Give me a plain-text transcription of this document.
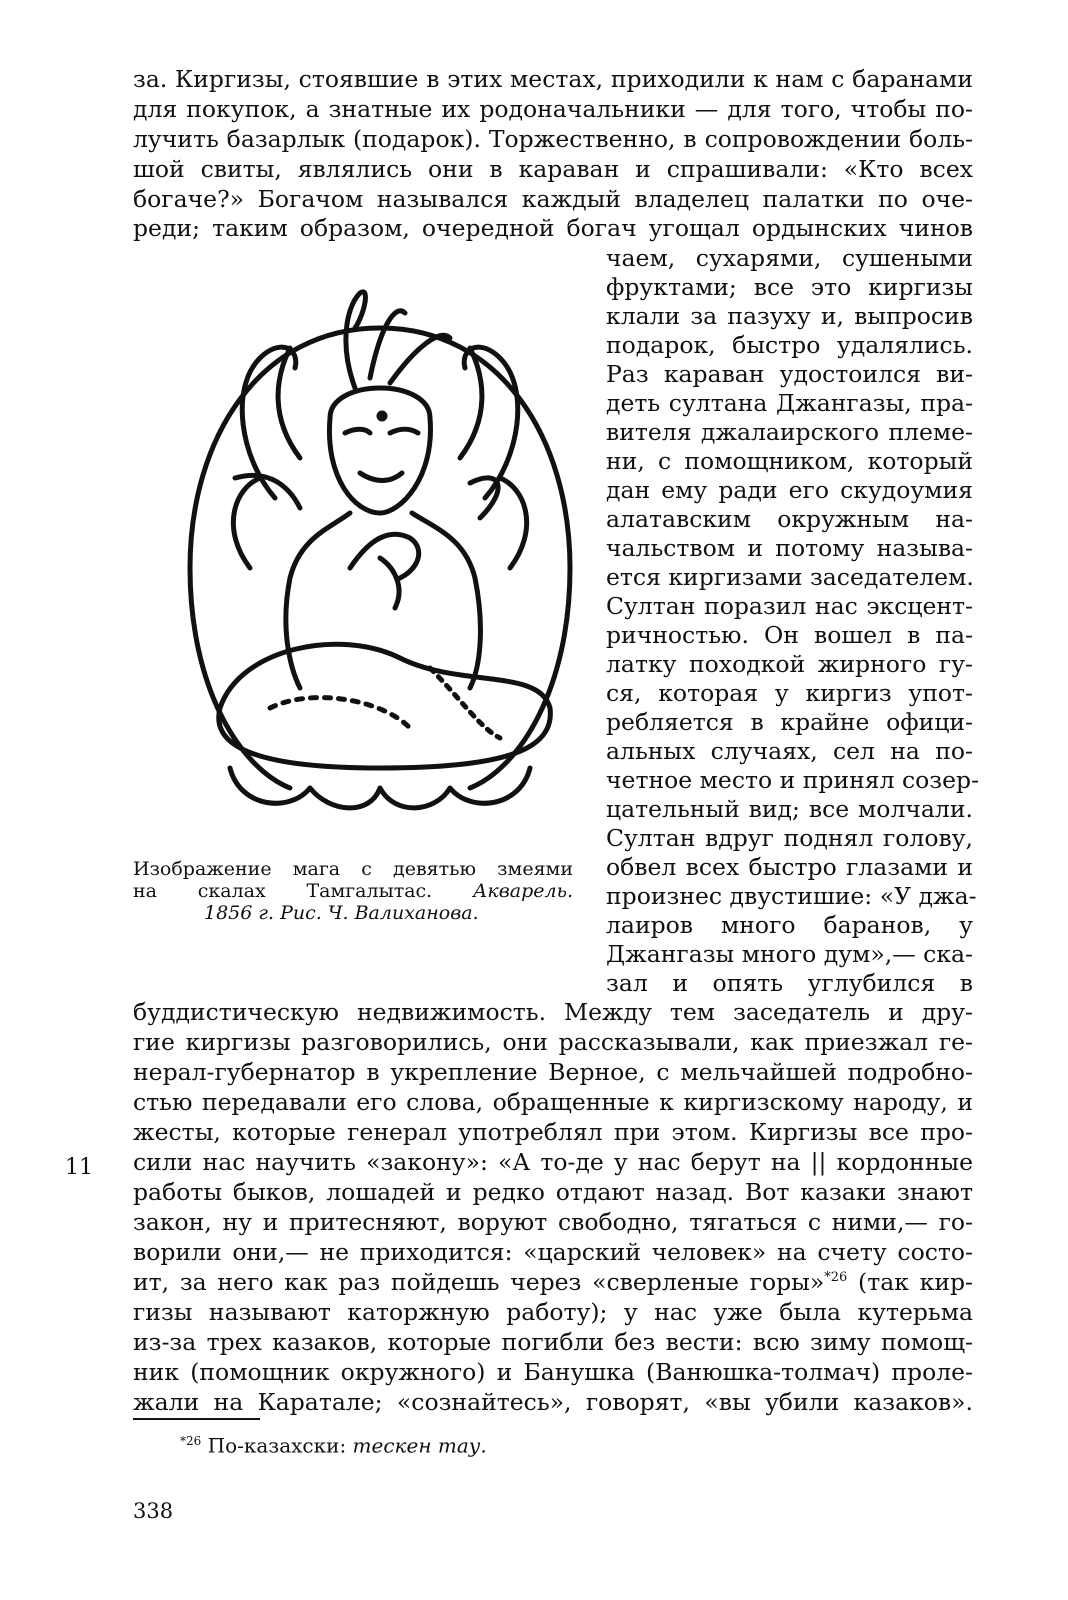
за. Киргизы, стоявшие в этих местах, приходили к нам с баранами
для покупок, а знатные их родоначальники — для того, чтобы по-
лучить базарлык (подарок). Торжественно, в сопровождении боль-
шой свиты, являлись они в караван и спрашивали: «Кто всех
богаче?» Богачом назывался каждый владелец палатки по оче-
реди; таким образом, очередной богач угощал ордынских чинов
чаем, сухарями, сушеными
фруктами; все это киргизы
клали за пазуху и, выпросив
подарок, быстро удалялись.
Раз караван удостоился ви-
деть султана Джангазы, пра-
вителя джалаирского племе-
ни, с помощником, который
дан ему ради его скудоумия
алатавским окружным на-
чальством и потому называ-
ется киргизами заседателем.
Султан поразил нас эксцент-
ричностью. Он вошел в па-
латку походкой жирного гу-
ся, которая у киргиз упот-
ребляется в крайне офици-
альных случаях, сел на по-
четное место и принял созер-
цательный вид; все молчали.
Султан вдруг поднял голову,
обвел всех быстро глазами и
произнес двустишие: «У джа-
лаиров много баранов, у
Джангазы много дум»,— ска-
зал и опять углубился в
Изображение мага с девятью змеями
на скалах Тамгалытас. Акварель.
1856 г. Рис. Ч. Валиханова.
буддистическую недвижимость. Между тем заседатель и дру-
гие киргизы разговорились, они рассказывали, как приезжал ге-
нерал-губернатор в укрепление Верное, с мельчайшей подробно-
стью передавали его слова, обращенные к киргизскому народу, и
жесты, которые генерал употреблял при этом. Киргизы все про-
сили нас научить «закону»: «А то-де у нас берут на || кордонные
работы быков, лошадей и редко отдают назад. Вот казаки знают
закон, ну и притесняют, воруют свободно, тягаться с ними,— го-
ворили они,— не приходится: «царский человек» на счету состо-
ит, за него как раз пойдешь через «сверленые горы»$^{*26}$ (так кир-
гизы называют каторжную работу); у нас уже была кутерьма
из-за трех казаков, которые погибли без вести: всю зиму помощ-
ник (помощник окружного) и Банушка (Ванюшка-толмач) проле-
11
$^{*26}$ По-казахски: тескен тау.
338
жали на Каратале; «сознайтесь», говорят, «вы убили казаков».
